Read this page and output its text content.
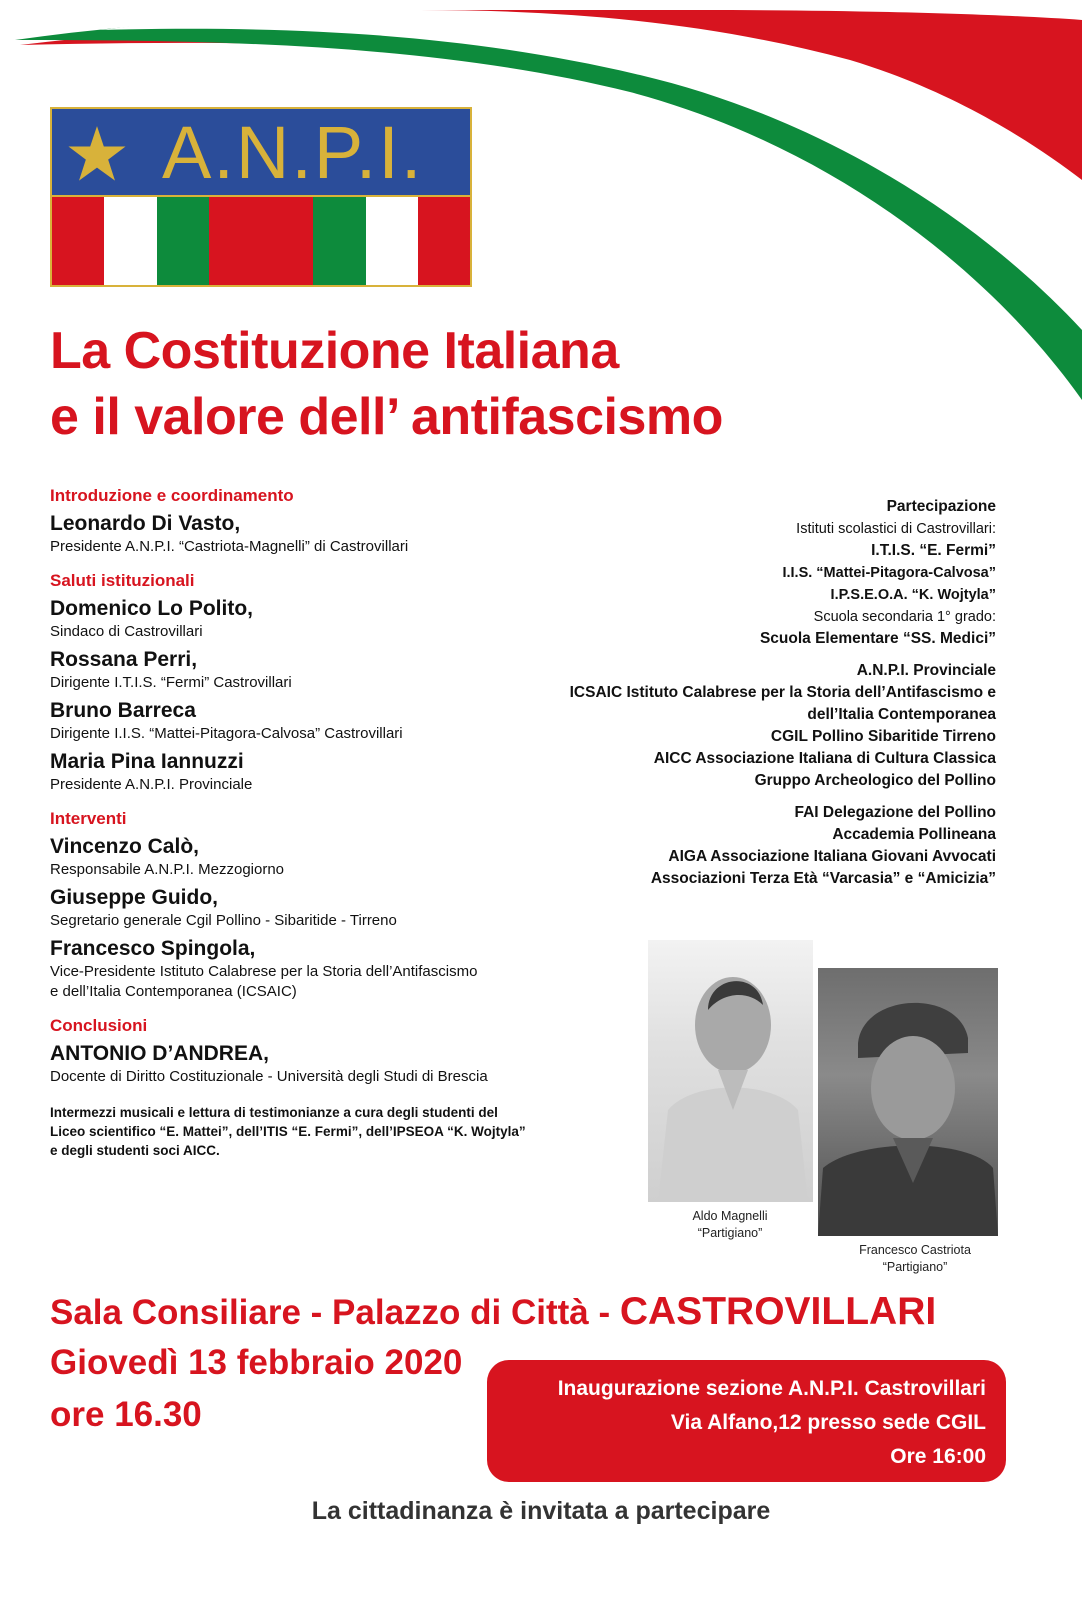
A.N.P.I.
La Costituzione Italiana
e il valore dell’ antifascismo
Introduzione e coordinamento
Leonardo Di Vasto,
Presidente A.N.P.I. “Castriota-Magnelli” di Castrovillari
Saluti istituzionali
Domenico Lo Polito,
Sindaco di Castrovillari
Rossana Perri,
Dirigente I.T.I.S. “Fermi” Castrovillari
Bruno Barreca
Dirigente I.I.S. “Mattei-Pitagora-Calvosa” Castrovillari
Maria Pina Iannuzzi
Presidente A.N.P.I. Provinciale
Interventi
Vincenzo Calò,
Responsabile A.N.P.I. Mezzogiorno
Giuseppe Guido,
Segretario generale Cgil Pollino - Sibaritide - Tirreno
Francesco Spingola,
Vice-Presidente Istituto Calabrese per la Storia dell’Antifascismo
e dell’Italia Contemporanea (ICSAIC)
Conclusioni
ANTONIO D’ANDREA,
Docente di Diritto Costituzionale - Università degli Studi di Brescia
Intermezzi musicali e lettura di testimonianze a cura degli studenti del
Liceo scientifico “E. Mattei”, dell’ITIS “E. Fermi”, dell’IPSEOA “K. Wojtyla”
e degli studenti soci AICC.
Partecipazione
Istituti scolastici di Castrovillari:
I.T.I.S. “E. Fermi”
I.I.S. “Mattei-Pitagora-Calvosa”
I.P.S.E.O.A. “K. Wojtyla”
Scuola secondaria 1° grado:
Scuola Elementare “SS. Medici”
A.N.P.I. Provinciale
ICSAIC Istituto Calabrese per la Storia dell’Antifascismo e
dell’Italia Contemporanea
CGIL Pollino Sibaritide Tirreno
AICC Associazione Italiana di Cultura Classica
Gruppo Archeologico del Pollino
FAI Delegazione del Pollino
Accademia Pollineana
AIGA Associazione Italiana Giovani Avvocati
Associazioni Terza Età “Varcasia” e “Amicizia”
Aldo Magnelli
“Partigiano”
Francesco Castriota
“Partigiano”
Sala Consiliare - Palazzo di Città - CASTROVILLARI
Giovedì 13 febbraio 2020
ore 16.30
Inaugurazione sezione A.N.P.I. Castrovillari
Via Alfano,12 presso sede CGIL
Ore 16:00
La cittadinanza è invitata a partecipare
